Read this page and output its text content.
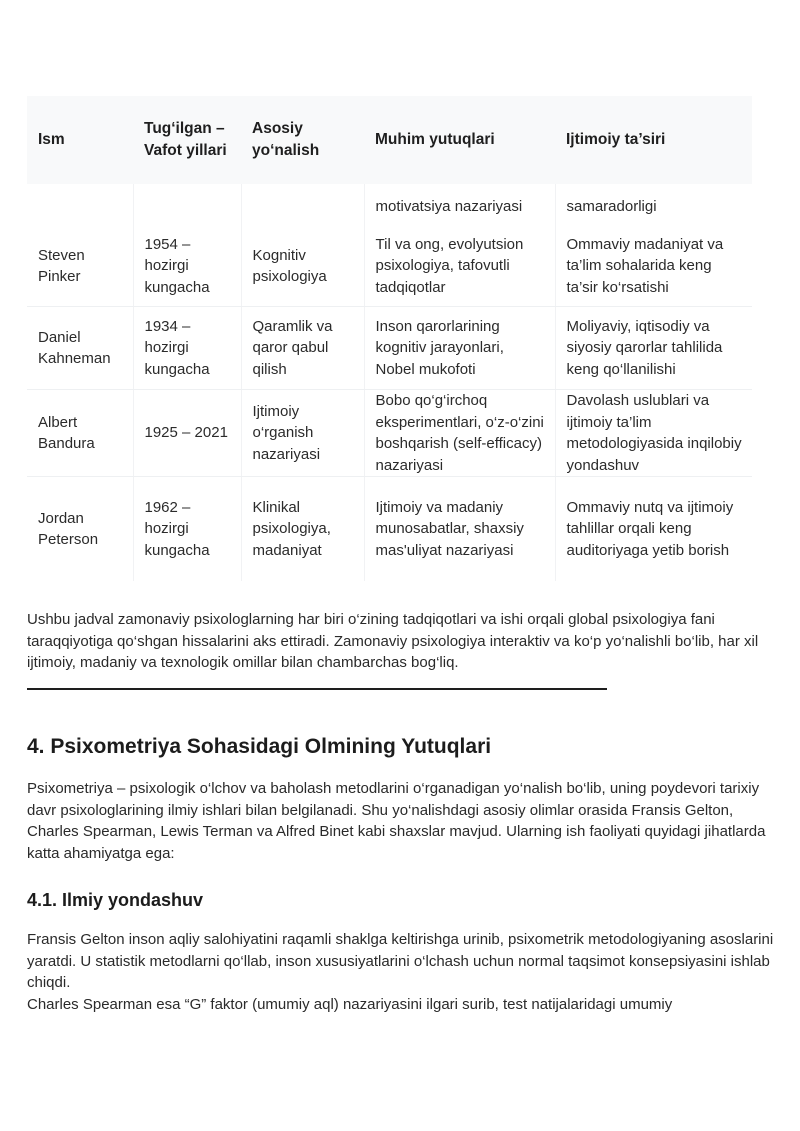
Ism	Tug‘ilgan – Vafot yillari	Asosiy yo‘nalish	Muhim yutuqlari	Ijtimoiy ta’siri
			motivatsiya nazariyasi	samaradorligi
Steven Pinker	1954 – hozirgi kungacha	Kognitiv psixologiya	Til va ong, evolyutsion psixologiya, tafovutli tadqiqotlar	Ommaviy madaniyat va ta’lim sohalarida keng ta’sir ko‘rsatishi
Daniel Kahneman	1934 – hozirgi kungacha	Qaramlik va qaror qabul qilish	Inson qarorlarining kognitiv jarayonlari, Nobel mukofoti	Moliyaviy, iqtisodiy va siyosiy qarorlar tahlilida keng qo‘llanilishi
Albert Bandura	1925 – 2021	Ijtimoiy o‘rganish nazariyasi	Bobo qo‘g‘irchoq eksperimentlari, o‘z-o‘zini boshqarish (self-efficacy) nazariyasi	Davolash uslublari va ijtimoiy ta’lim metodologiyasida inqilobiy yondashuv
Jordan Peterson	1962 – hozirgi kungacha	Klinikal psixologiya, madaniyat	Ijtimoiy va madaniy munosabatlar, shaxsiy mas'uliyat nazariyasi	Ommaviy nutq va ijtimoiy tahlillar orqali keng auditoriyaga yetib borish

Ushbu jadval zamonaviy psixologlarning har biri o‘zining tadqiqotlari va ishi orqali global psixologiya fani taraqqiyotiga qo‘shgan hissalarini aks ettiradi. Zamonaviy psixologiya interaktiv va ko‘p yo‘nalishli bo‘lib, har xil ijtimoiy, madaniy va texnologik omillar bilan chambarchas bog‘liq.

4. Psixometriya Sohasidagi Olmining Yutuqlari

Psixometriya – psixologik o‘lchov va baholash metodlarini o‘rganadigan yo‘nalish bo‘lib, uning poydevori tarixiy davr psixologlarining ilmiy ishlari bilan belgilanadi. Shu yo‘nalishdagi asosiy olimlar orasida Fransis Gelton, Charles Spearman, Lewis Terman va Alfred Binet kabi shaxslar mavjud. Ularning ish faoliyati quyidagi jihatlarda katta ahamiyatga ega:

4.1. Ilmiy yondashuv

Fransis Gelton inson aqliy salohiyatini raqamli shaklga keltirishga urinib, psixometrik metodologiyaning asoslarini yaratdi. U statistik metodlarni qo‘llab, inson xususiyatlarini o‘lchash uchun normal taqsimot konsepsiyasini ishlab chiqdi.

Charles Spearman esa “G” faktor (umumiy aql) nazariyasini ilgari surib, test natijalaridagi umumiy
